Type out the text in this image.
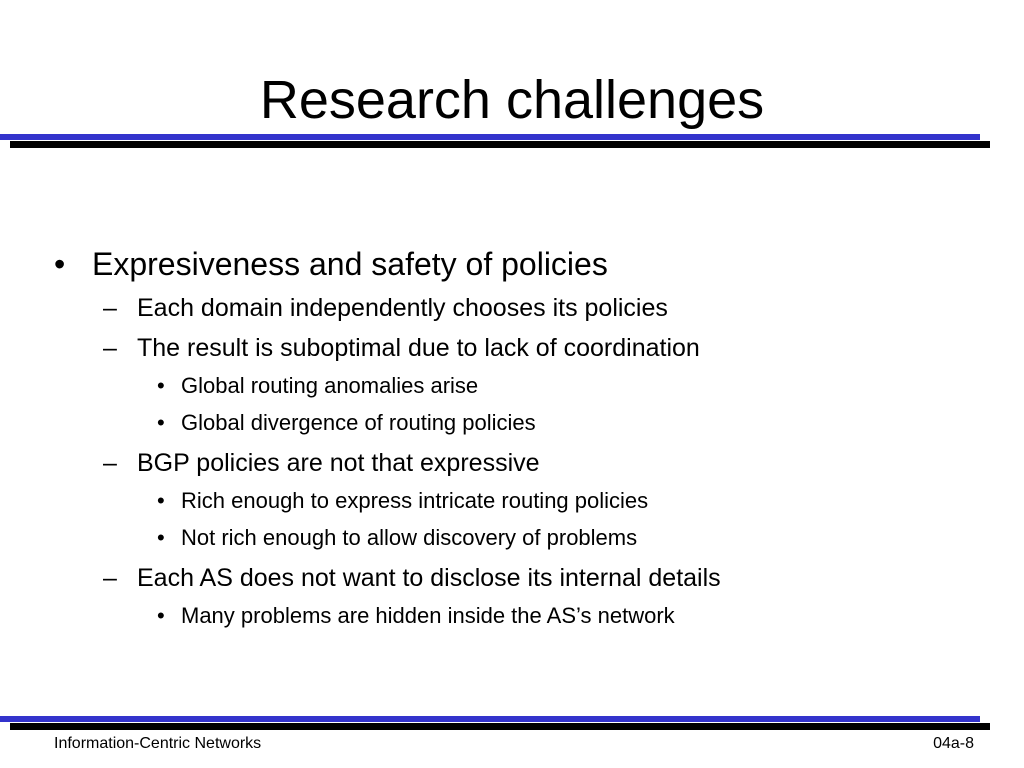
Research challenges
• Expresiveness and safety of policies
– Each domain independently chooses its policies
– The result is suboptimal due to lack of coordination
• Global routing anomalies arise
• Global divergence of routing policies
– BGP policies are not that expressive
• Rich enough to express intricate routing policies
• Not rich enough to allow discovery of problems
– Each AS does not want to disclose its internal details
• Many problems are hidden inside the AS’s network
Information-Centric Networks	04a-8
